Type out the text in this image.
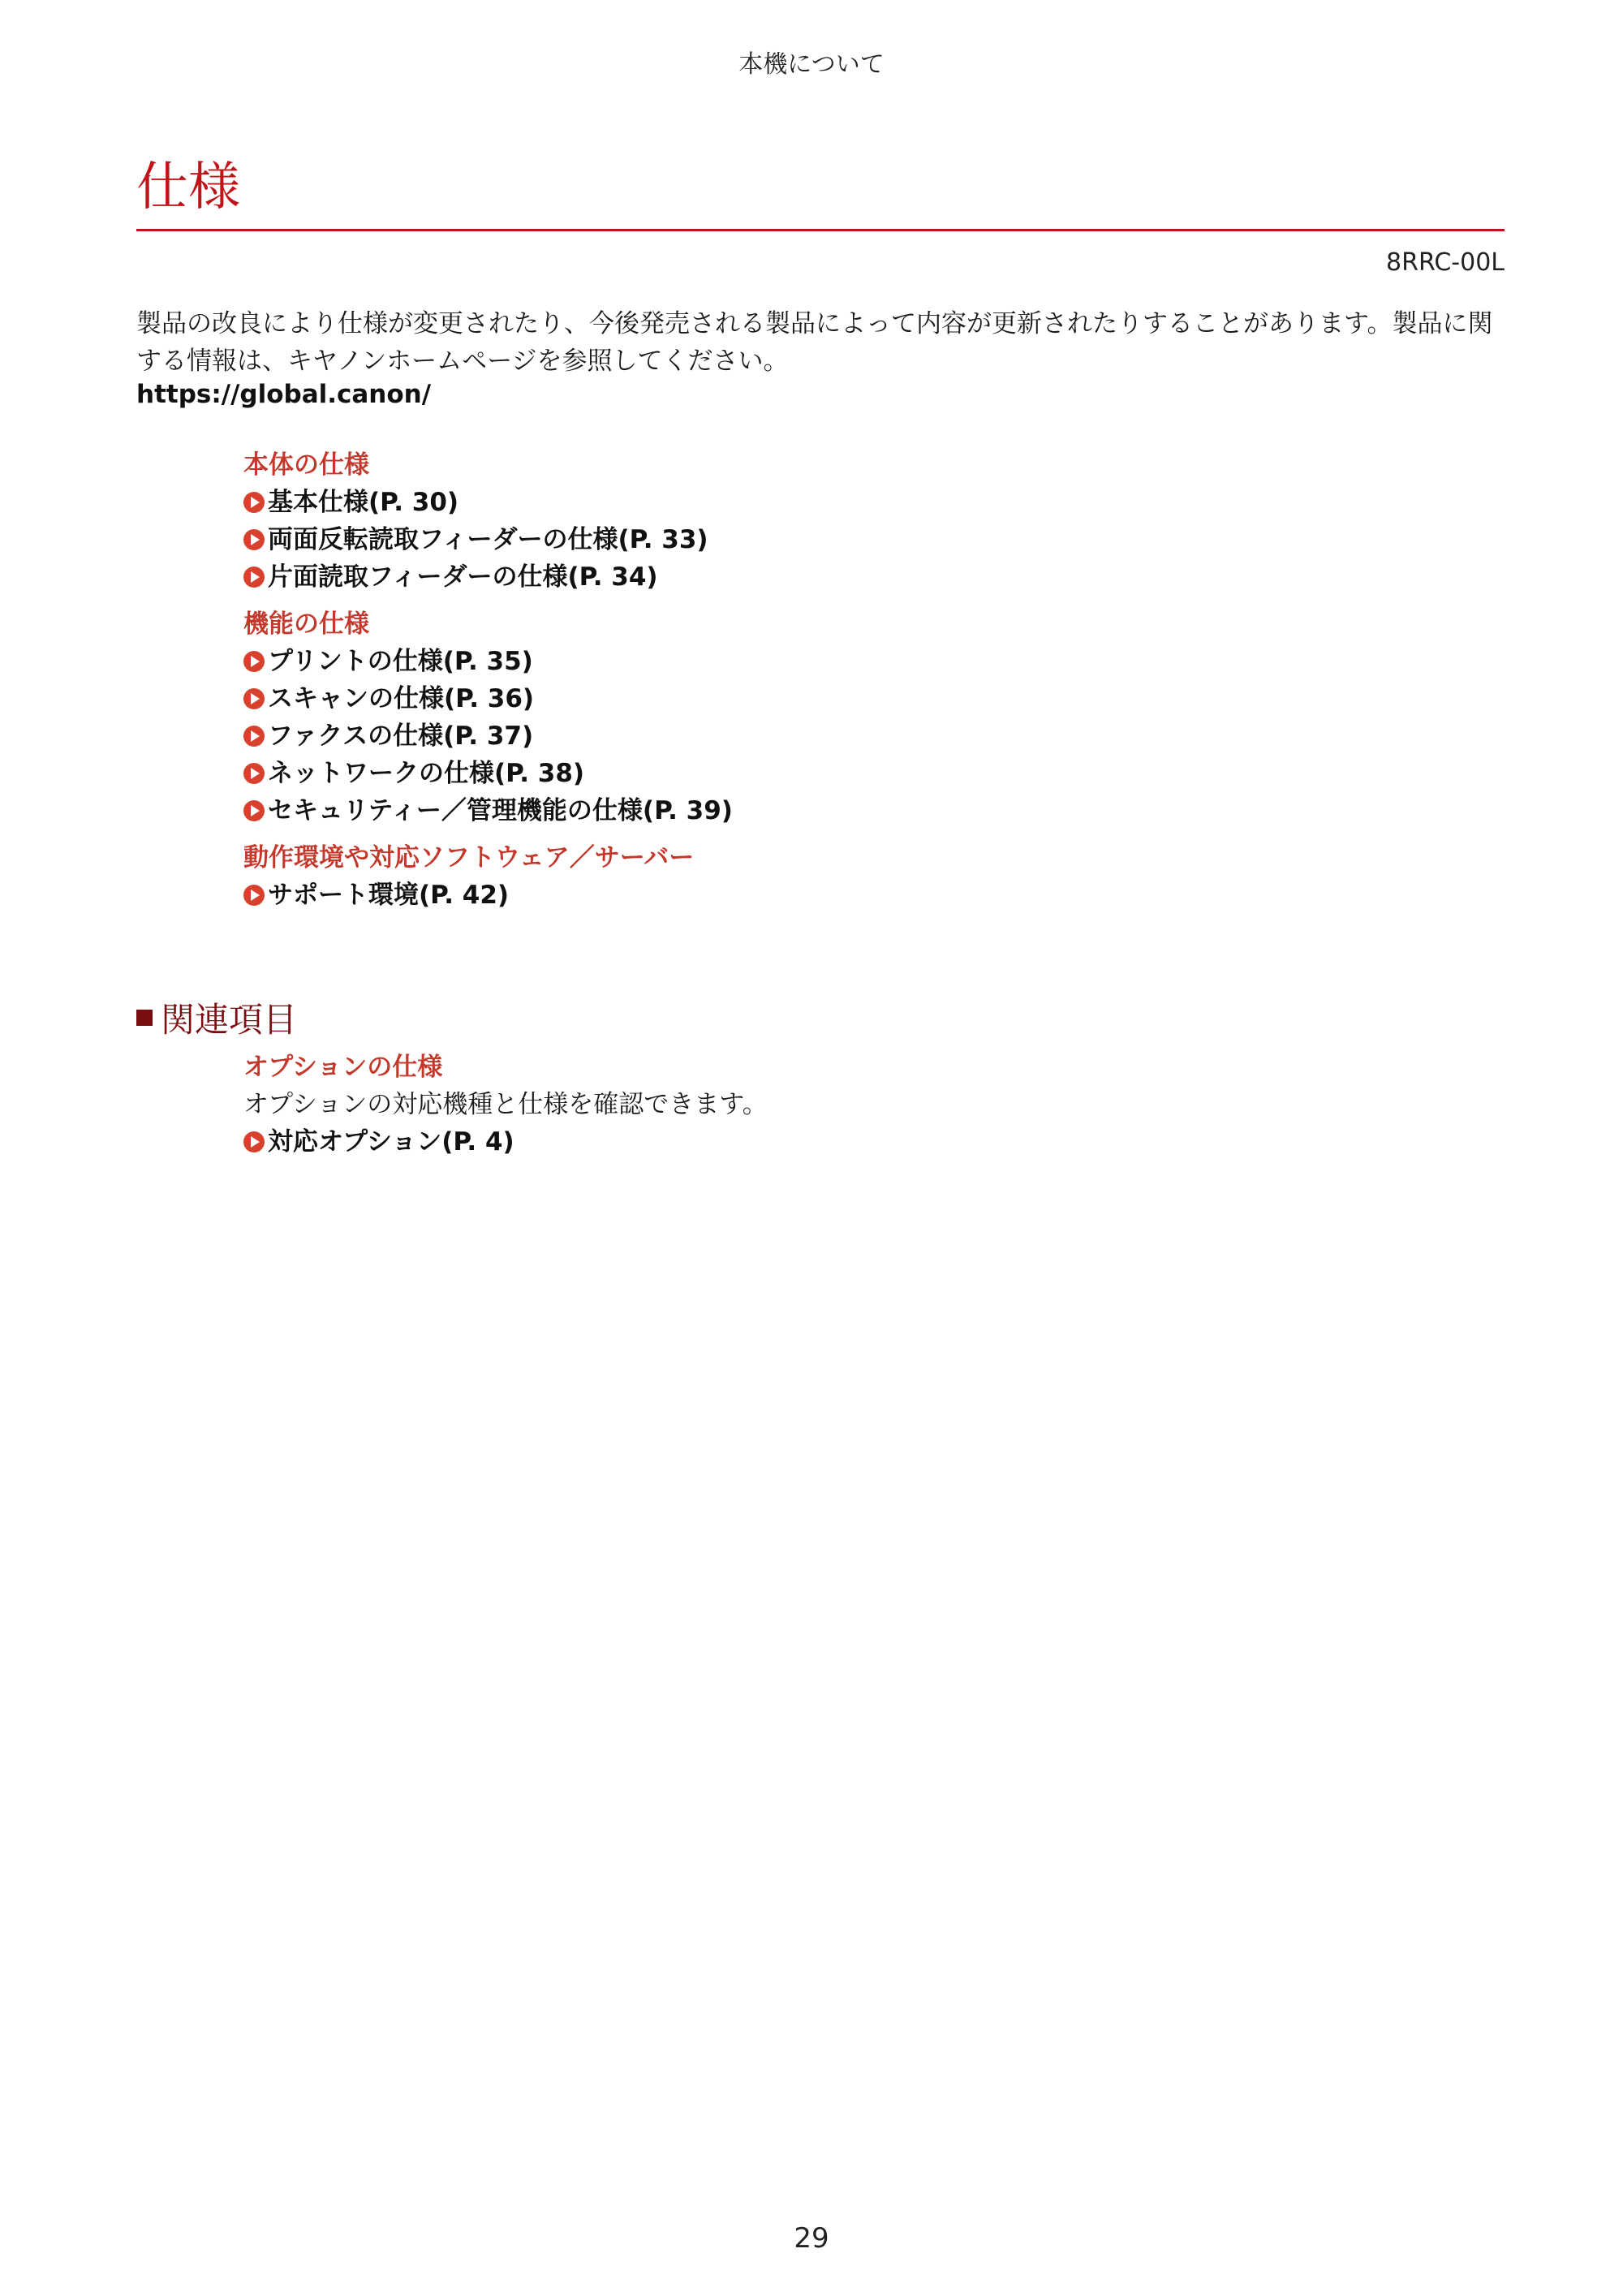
本機について
仕様
8RRC-00L

製品の改良により仕様が変更されたり、今後発売される製品によって内容が更新されたりすることがあります。製品に関する情報は、キヤノンホームページを参照してください。

https://global.canon/
本体の仕様
基本仕様(P. 30)
両面反転読取フィーダーの仕様(P. 33)
片面読取フィーダーの仕様(P. 34)
機能の仕様
プリントの仕様(P. 35)
スキャンの仕様(P. 36)
ファクスの仕様(P. 37)
ネットワークの仕様(P. 38)
セキュリティー／管理機能の仕様(P. 39)
動作環境や対応ソフトウェア／サーバー
サポート環境(P. 42)
関連項目
オプションの仕様
オプションの対応機種と仕様を確認できます。
対応オプション(P. 4)
29
